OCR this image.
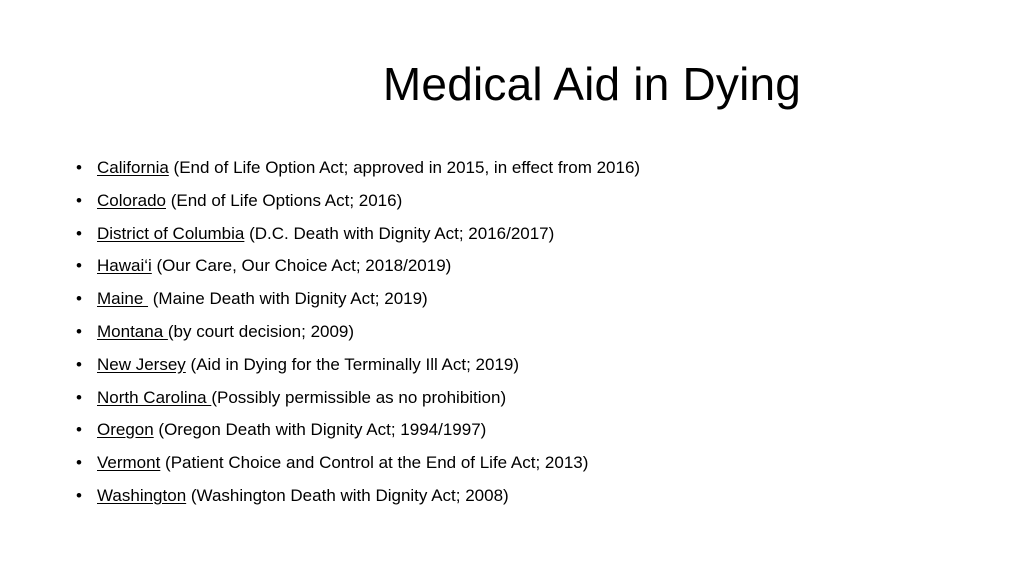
Medical Aid in Dying
• California (End of Life Option Act; approved in 2015, in effect from 2016)
• Colorado (End of Life Options Act; 2016)
• District of Columbia (D.C. Death with Dignity Act; 2016/2017)
• Hawai‘i (Our Care, Our Choice Act; 2018/2019)
• Maine (Maine Death with Dignity Act; 2019)
• Montana (by court decision; 2009)
• New Jersey (Aid in Dying for the Terminally Ill Act; 2019)
• North Carolina (Possibly permissible as no prohibition)
• Oregon (Oregon Death with Dignity Act; 1994/1997)
• Vermont (Patient Choice and Control at the End of Life Act; 2013)
• Washington (Washington Death with Dignity Act; 2008)
